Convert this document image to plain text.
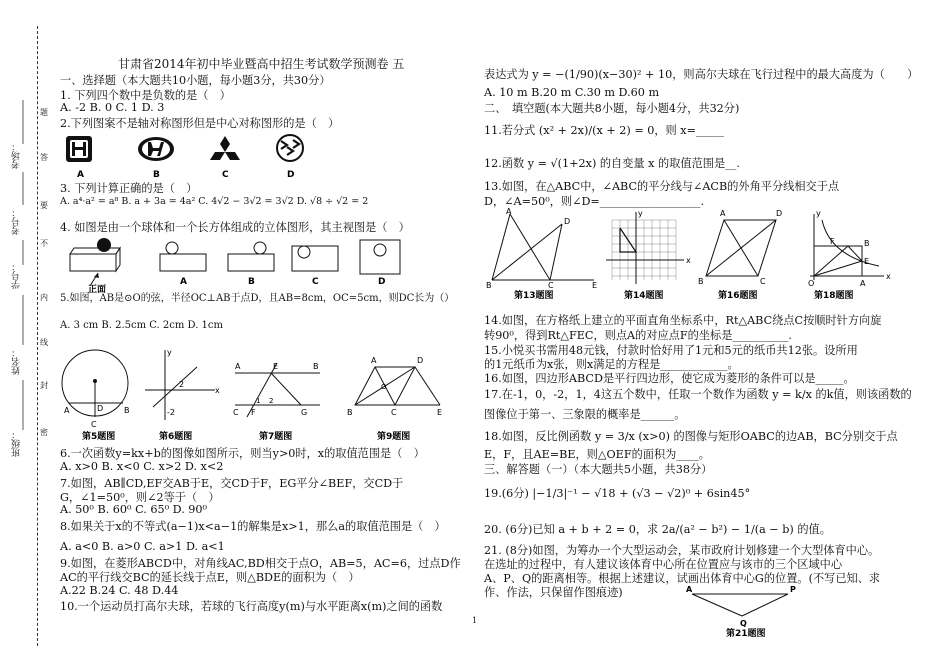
班级：
姓名：
学号：
考号：
考场：
题
答
要
不
内
线
封
密
甘肃省2014年初中毕业暨高中招生考试数学预测卷 五
一、选择题（本大题共10小题，每小题3分，共30分）
1. 下列四个数中是负数的是（　）
A. -2 B. 0 C. 1 D. 3
2.下列图案不是轴对称图形但是中心对称图形的是（　）
A	B	C	D
3. 下列计算正确的是（　）
A. a⁴·a² = a⁸ B. a + 3a = 4a² C. 4√2 − 3√2 = 3√2 D. √8 ÷ √2 = 2
4. 如图是由一个球体和一个长方体组成的立体图形，其主视图是（　）
正面
A	B	C	D
5.如图，AB是⊙O的弦，半径OC⊥AB于点D，且AB=8cm，OC=5cm，则DC长为（）
A. 3 cm B. 2.5cm C. 2cm D. 1cm
A	B
D
C
第5题图
x
y
2
-2
第6题图
A	E	B
C F	G
1 2
第7题图
A	D
B	C	E
O
第9题图
6.一次函数y=kx+b的图像如图所示，则当y>0时，x的取值范围是（　）
A. x>0 B. x<0 C. x>2 D. x<2
7.如图，AB∥CD,EF交AB于E，交CD于F，EG平分∠BEF，交CD于
G，∠1=50⁰，则∠2等于（　）
A. 50⁰ B. 60⁰ C. 65⁰ D. 90⁰
8.如果关于x的不等式(a−1)x<a−1的解集是x>1，那么a的取值范围是（　）
A. a<0 B. a>0 C. a>1 D. a<1
9.如图，在菱形ABCD中，对角线AC,BD相交于点O，AB=5，AC=6，过点D作
AC的平行线交BC的延长线于点E，则△BDE的面积为（　）
A.22 B.24 C. 48 D.44
10.一个运动员打高尔夫球，若球的飞行高度y(m)与水平距离x(m)之间的函数
表达式为 y = −(1/90)(x−30)² + 10，则高尔夫球在飞行过程中的最大高度为（　　）
A. 10 m B.20 m C.30 m D.60 m
二、　填空题(本大题共8小题，每小题4分，共32分)
11.若分式 (x² + 2x)/(x + 2) = 0，则 x=_____
12.函数 y = √(1+2x) 的自变量 x 的取值范围是__.
13.如图，在△ABC中，∠ABC的平分线与∠ACB的外角平分线相交于点
D，∠A=50⁰，则∠D=__________________.
A
D
B	C	E
第13题图
x
y
第14题图
A	D
B	C
第16题图
O	A
B
F
E
x
y
第18题图
14.如图，在方格纸上建立的平面直角坐标系中，Rt△ABC绕点C按顺时针方向旋
转90⁰，得到Rt△FEC，则点A的对应点F的坐标是__________.
15.小悦买书需用48元钱，付款时恰好用了1元和5元的纸币共12张。设所用
的1元纸币为x张，则x满足的方程是____________。
16.如图，四边形ABCD是平行四边形，使它成为菱形的条件可以是_____。
17.在-1，0，-2，1，4这五个数中，任取一个数作为函数 y = k/x 的k值，则该函数的
图像位于第一、三象限的概率是______。
18.如图，反比例函数 y = 3/x (x>0) 的图像与矩形OABC的边AB，BC分别交于点
E，F，且AE=BE，则△OEF的面积为____。
三、解答题（一）（本大题共5小题，共38分）
19.(6分) |−1/3|⁻¹ − √18 + (√3 − √2)⁰ + 6sin45°
20. (6分)已知 a + b + 2 = 0，求 2a/(a² − b²) − 1/(a − b) 的值。
21. (8分)如图，为筹办一个大型运动会，某市政府计划修建一个大型体育中心。
在选址的过程中，有人建议该体育中心所在位置应与该市的三个区域中心
A、P、Q的距离相等。根据上述建议，试画出体育中心G的位置。(不写已知、求
作、作法，只保留作图痕迹)	A	P
Q
第21题图
1
